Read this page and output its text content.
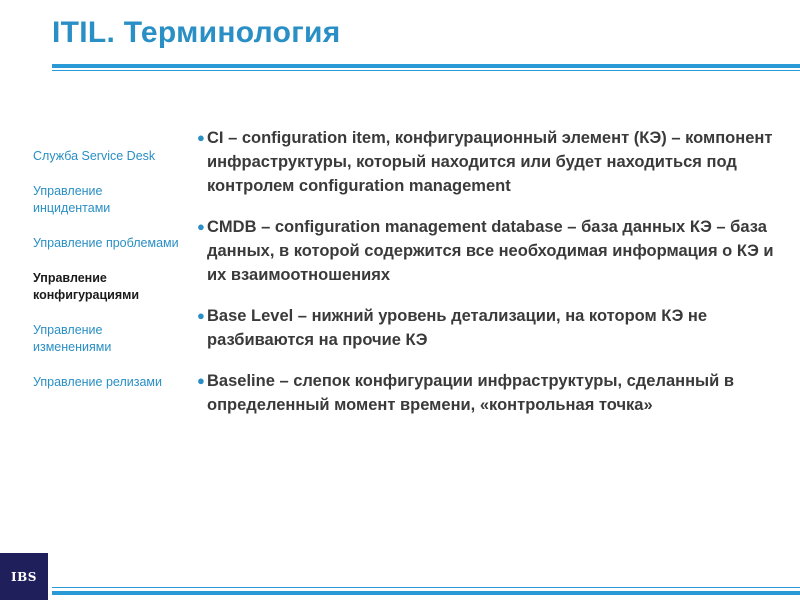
ITIL. Терминология
Служба Service Desk
Управление инцидентами
Управление проблемами
Управление конфигурациями
Управление изменениями
Управление релизами
● CI – configuration item, конфигурационный элемент (КЭ) – компонент инфраструктуры, который находится или будет находиться под контролем configuration management
● CMDB – configuration management database – база данных КЭ – база данных, в которой содержится все необходимая информация о КЭ и их взаимоотношениях
● Base Level – нижний уровень детализации, на котором КЭ не разбиваются на прочие КЭ
● Baseline – слепок конфигурации инфраструктуры, сделанный в определенный момент времени, «контрольная точка»
IBS
